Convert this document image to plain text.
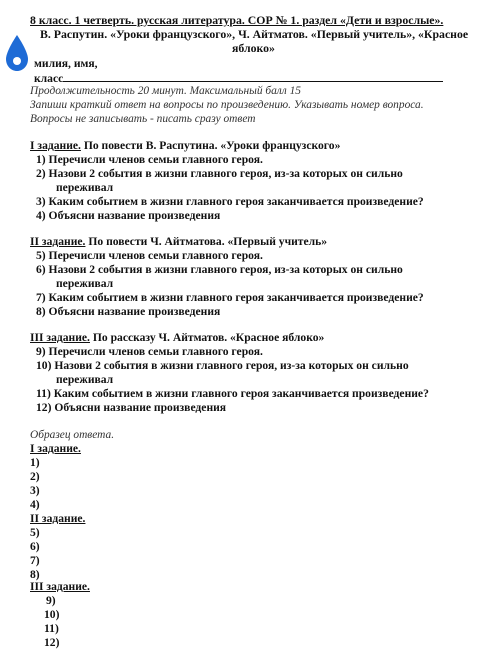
8 класс. 1 четверть. русская литература. СОР № 1. раздел «Дети и взрослые».
В. Распутин. «Уроки французского», Ч. Айтматов. «Первый учитель», «Красное
яблоко»
милия, имя,
класс
Продолжительность 20 минут. Максимальный балл 15
Запиши краткий ответ на вопросы по произведению. Указывать номер вопроса.
Вопросы не записывать - писать сразу ответ
I задание. По повести В. Распутина. «Уроки французского»
1) Перечисли членов семьи главного героя.
2) Назови 2 события в жизни главного героя, из-за которых он сильно
переживал
3) Каким событием в жизни главного героя заканчивается произведение?
4) Объясни название произведения
II задание. По повести Ч. Айтматова. «Первый учитель»
5) Перечисли членов семьи главного героя.
6) Назови 2 события в жизни главного героя, из-за которых он сильно
переживал
7) Каким событием в жизни главного героя заканчивается произведение?
8) Объясни название произведения
III задание. По рассказу Ч. Айтматов. «Красное яблоко»
9) Перечисли членов семьи главного героя.
10) Назови 2 события в жизни главного героя, из-за которых он сильно
переживал
11) Каким событием в жизни главного героя заканчивается произведение?
12) Объясни название произведения
Образец ответа.
I задание.
1)
2)
3)
4)
II задание.
5)
6)
7)
8)
III задание.
9)
10)
11)
12)
